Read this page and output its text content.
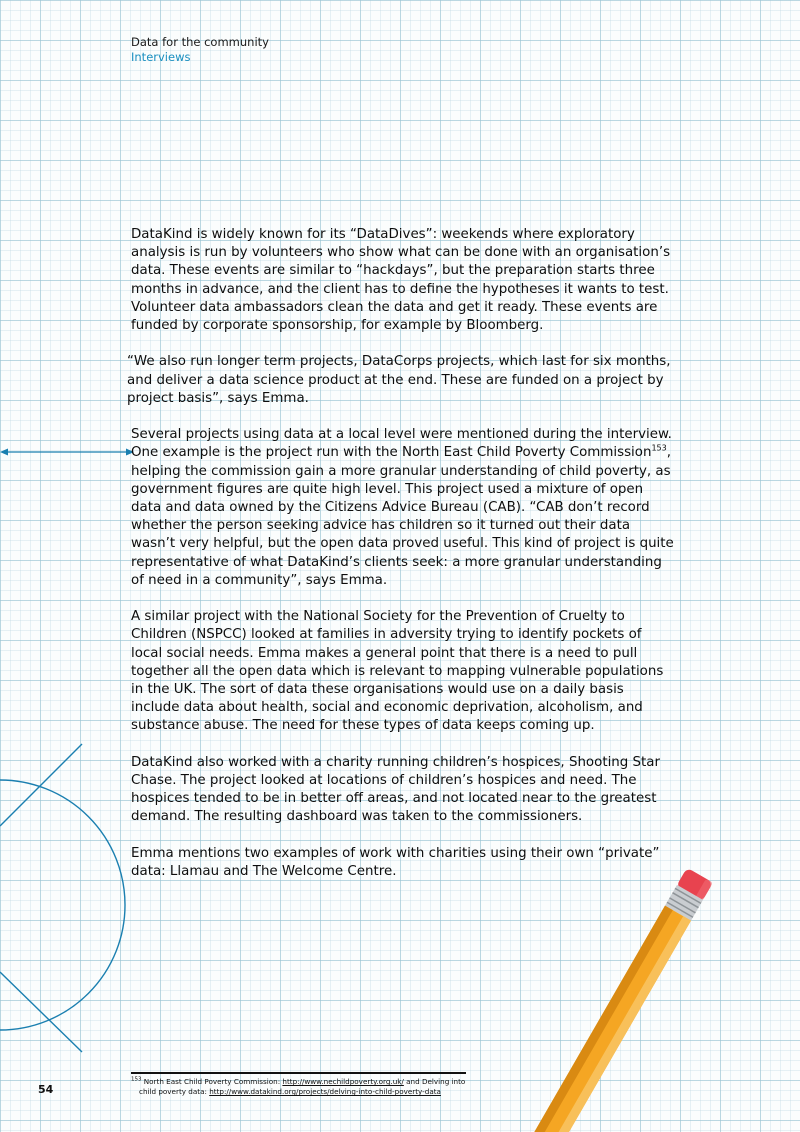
Data for the community
Interviews

DataKind is widely known for its “DataDives”: weekends where exploratory analysis is run by volunteers who show what can be done with an organisation’s data. These events are similar to “hackdays”, but the preparation starts three months in advance, and the client has to define the hypotheses it wants to test. Volunteer data ambassadors clean the data and get it ready. These events are funded by corporate sponsorship, for example by Bloomberg.

“We also run longer term projects, DataCorps projects, which last for six months, and deliver a data science product at the end. These are funded on a project by project basis”, says Emma.

Several projects using data at a local level were mentioned during the interview. One example is the project run with the North East Child Poverty Commission$^{153}$, helping the commission gain a more granular understanding of child poverty, as government figures are quite high level. This project used a mixture of open data and data owned by the Citizens Advice Bureau (CAB). “CAB don’t record whether the person seeking advice has children so it turned out their data wasn’t very helpful, but the open data proved useful. This kind of project is quite representative of what DataKind’s clients seek: a more granular understanding of need in a community”, says Emma.

A similar project with the National Society for the Prevention of Cruelty to Children (NSPCC) looked at families in adversity trying to identify pockets of local social needs. Emma makes a general point that there is a need to pull together all the open data which is relevant to mapping vulnerable populations in the UK. The sort of data these organisations would use on a daily basis include data about health, social and economic deprivation, alcoholism, and substance abuse. The need for these types of data keeps coming up.

DataKind also worked with a charity running children’s hospices, Shooting Star Chase. The project looked at locations of children’s hospices and need. The hospices tended to be in better off areas, and not located near to the greatest demand. The resulting dashboard was taken to the commissioners.

Emma mentions two examples of work with charities using their own “private” data: Llamau and The Welcome Centre.

$^{153}$ North East Child Poverty Commission: http://www.nechildpoverty.org.uk/ and Delving into
child poverty data: http://www.datakind.org/projects/delving-into-child-poverty-data
54
